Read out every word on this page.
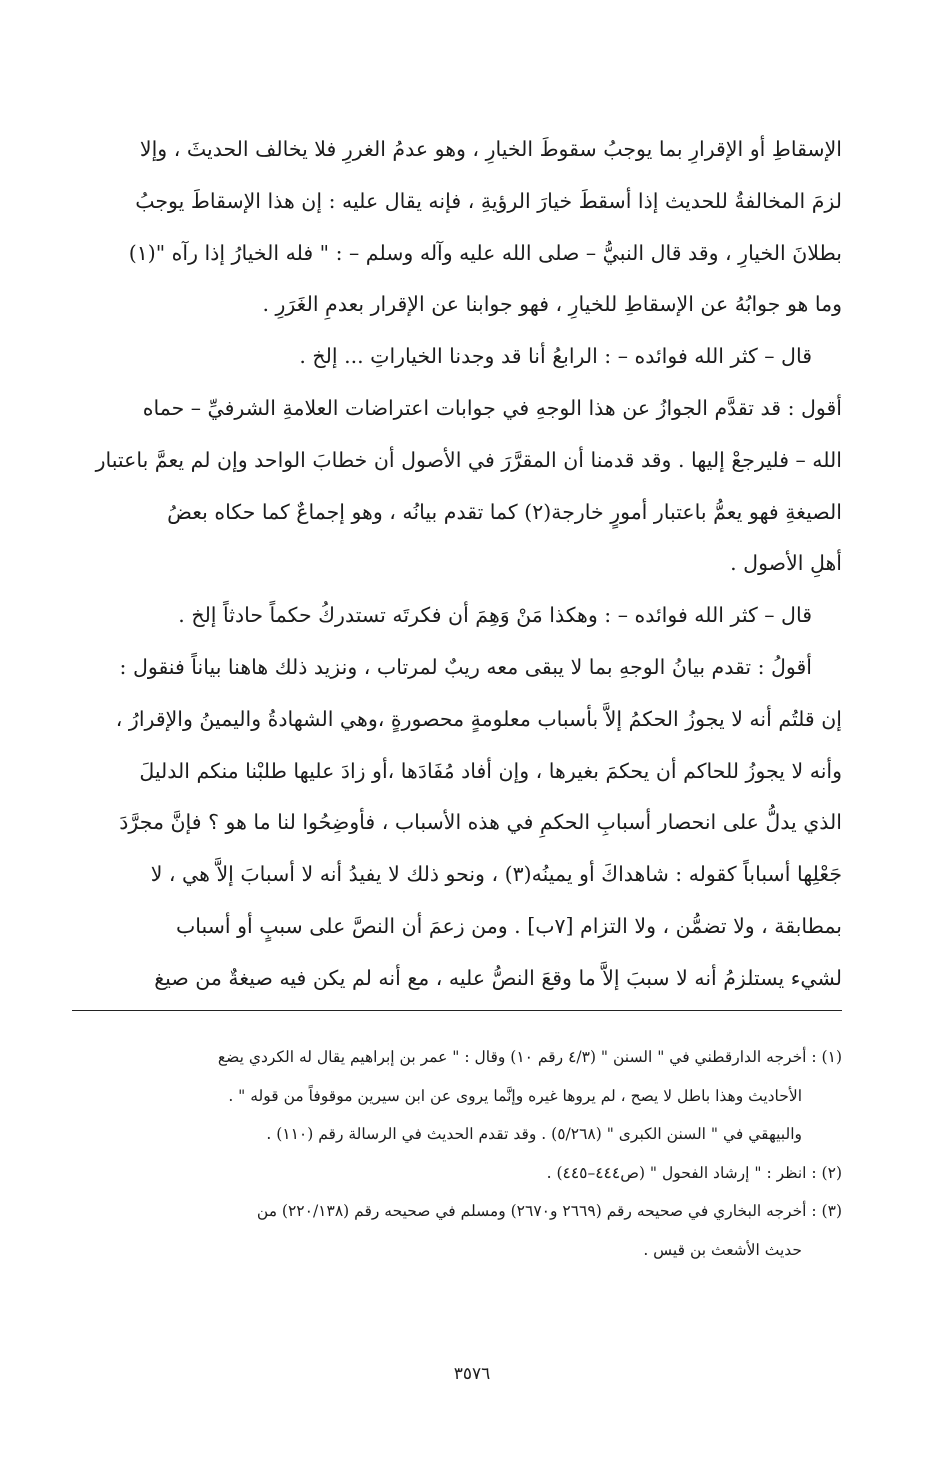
الإسقاطِ أو الإقرارِ بما يوجبُ سقوطَ الخيارِ ، وهو عدمُ الغررِ فلا يخالف الحديثَ ، وإلا
لزمَ المخالفةُ للحديث إذا أسقطَ خيارَ الرؤيةِ ، فإنه يقال عليه : إن هذا الإسقاطَ يوجبُ
بطلانَ الخيارِ ، وقد قال النبيُّ – صلى الله عليه وآله وسلم – : " فله الخيارُ إذا رآه "(١)
وما هو جوابُهُ عن الإسقاطِ للخيارِ ، فهو جوابنا عن الإقرار بعدمِ الغَرَرِ .
قال – كثر الله فوائده – : الرابعُ أنا قد وجدنا الخياراتِ ... إلخ .
أقول : قد تقدَّم الجوازُ عن هذا الوجهِ في جوابات اعتراضات العلامةِ الشرفيِّ – حماه
الله – فليرجعْ إليها . وقد قدمنا أن المقرَّرَ في الأصول أن خطابَ الواحد وإن لم يعمَّ باعتبار
الصيغةِ فهو يعمُّ باعتبار أمورٍ خارجة(٢) كما تقدم بيانُه ، وهو إجماعٌ كما حكاه بعضُ
أهلِ الأصول .
قال – كثر الله فوائده – : وهكذا مَنْ وَهِمَ أن فكرتَه تستدركُ حكماً حادثاً إلخ .
أقولُ : تقدم بيانُ الوجهِ بما لا يبقى معه ريبٌ لمرتاب ، ونزيد ذلك هاهنا بياناً فنقول :
إن قلتُم أنه لا يجوزُ الحكمُ إلاَّ بأسباب معلومةٍ محصورةٍ ،وهي الشهادةُ واليمينُ والإقرارُ ،
وأنه لا يجوزُ للحاكم أن يحكمَ بغيرها ، وإن أفاد مُفَادَها ،أو زادَ عليها طلبْنا منكم الدليلَ
الذي يدلُّ على انحصار أسبابِ الحكمِ في هذه الأسباب ، فأوضِحُوا لنا ما هو ؟ فإنَّ مجرَّدَ
جَعْلِها أسباباً كقوله : شاهداكَ أو يمينُه(٣) ، ونحو ذلك لا يفيدُ أنه لا أسبابَ إلاَّ هي ، لا
بمطابقة ، ولا تضمُّن ، ولا التزام [٧ب] . ومن زعمَ أن النصَّ على سببٍ أو أسباب
لشيء يستلزمُ أنه لا سببَ إلاَّ ما وقعَ النصُّ عليه ، مع أنه لم يكن فيه صيغةٌ من صيغ
(١) : أخرجه الدارقطني في " السنن " (٤/٣ رقم ١٠) وقال : " عمر بن إبراهيم يقال له الكردي يضع
الأحاديث وهذا باطل لا يصح ، لم يروها غيره وإنَّما يروى عن ابن سيرين موقوفاً من قوله " .
والبيهقي في " السنن الكبرى " (٥/٢٦٨) . وقد تقدم الحديث في الرسالة رقم (١١٠) .
(٢) : انظر : " إرشاد الفحول " (ص٤٤٤–٤٤٥) .
(٣) : أخرجه البخاري في صحيحه رقم (٢٦٦٩ و٢٦٧٠) ومسلم في صحيحه رقم (٢٢٠/١٣٨) من
حديث الأشعث بن قيس .
٣٥٧٦
